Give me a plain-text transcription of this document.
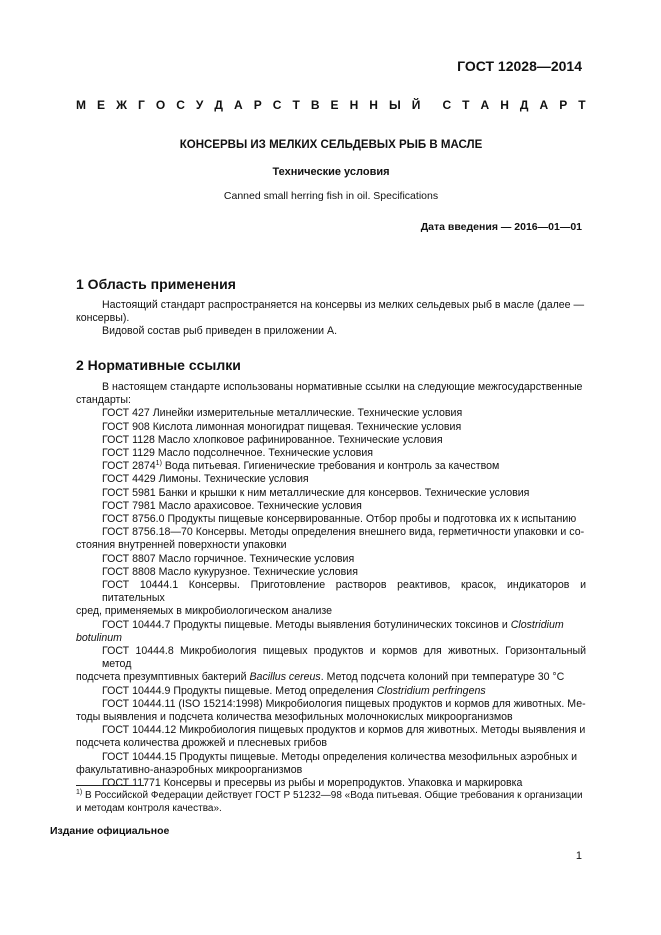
ГОСТ 12028—2014
М Е Ж Г О С У Д А Р С Т В Е Н Н Ы Й С Т А Н Д А Р Т
КОНСЕРВЫ ИЗ МЕЛКИХ СЕЛЬДЕВЫХ РЫБ В МАСЛЕ
Технические условия
Canned small herring fish in oil. Specifications
Дата введения — 2016—01—01
1 Область применения
Настоящий стандарт распространяется на консервы из мелких сельдевых рыб в масле (далее —
консервы).
Видовой состав рыб приведен в приложении А.
2 Нормативные ссылки
В настоящем стандарте использованы нормативные ссылки на следующие межгосударственные
стандарты:
ГОСТ 427 Линейки измерительные металлические. Технические условия
ГОСТ 908 Кислота лимонная моногидрат пищевая. Технические условия
ГОСТ 1128 Масло хлопковое рафинированное. Технические условия
ГОСТ 1129 Масло подсолнечное. Технические условия
ГОСТ 2874$^{1)}$ Вода питьевая. Гигиенические требования и контроль за качеством
ГОСТ 4429 Лимоны. Технические условия
ГОСТ 5981 Банки и крышки к ним металлические для консервов. Технические условия
ГОСТ 7981 Масло арахисовое. Технические условия
ГОСТ 8756.0 Продукты пищевые консервированные. Отбор пробы и подготовка их к испытанию
ГОСТ 8756.18—70 Консервы. Методы определения внешнего вида, герметичности упаковки и со-
стояния внутренней поверхности упаковки
ГОСТ 8807 Масло горчичное. Технические условия
ГОСТ 8808 Масло кукурузное. Технические условия
ГОСТ 10444.1 Консервы. Приготовление растворов реактивов, красок, индикаторов и питательных
сред, применяемых в микробиологическом анализе
ГОСТ 10444.7 Продукты пищевые. Методы выявления ботулинических токсинов и Clostridium
botulinum
ГОСТ 10444.8 Микробиология пищевых продуктов и кормов для животных. Горизонтальный метод
подсчета презумптивных бактерий Bacillus cereus. Метод подсчета колоний при температуре 30 °С
ГОСТ 10444.9 Продукты пищевые. Метод определения Clostridium perfringens
ГОСТ 10444.11 (ISO 15214:1998) Микробиология пищевых продуктов и кормов для животных. Ме-
тоды выявления и подсчета количества мезофильных молочнокислых микроорганизмов
ГОСТ 10444.12 Микробиология пищевых продуктов и кормов для животных. Методы выявления и
подсчета количества дрожжей и плесневых грибов
ГОСТ 10444.15 Продукты пищевые. Методы определения количества мезофильных аэробных и
факультативно-анаэробных микроорганизмов
ГОСТ 11771 Консервы и пресервы из рыбы и морепродуктов. Упаковка и маркировка
$^{1)}$ В Российской Федерации действует ГОСТ Р 51232—98 «Вода питьевая. Общие требования к организации
и методам контроля качества».
Издание официальное
1
